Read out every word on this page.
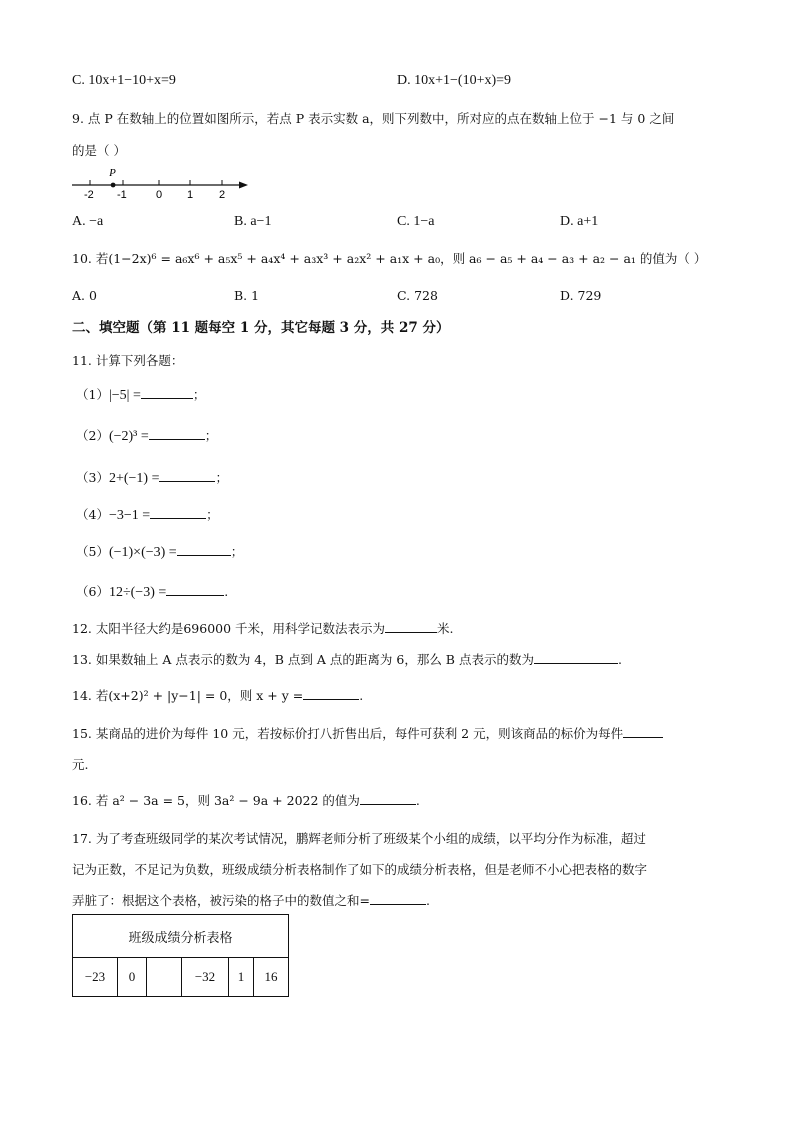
C. 10x+1−10+x=9	D. 10x+1−(10+x)=9
9. 点 P 在数轴上的位置如图所示，若点 P 表示实数 a，则下列数中，所对应的点在数轴上位于 −1 与 0 之间
的是（ ）
P
-2 -1	0 1 2
A. −a	B. a−1	C. 1−a	D. a+1
10. 若(1−2x)⁶ = a₆x⁶ + a₅x⁵ + a₄x⁴ + a₃x³ + a₂x² + a₁x + a₀，则 a₆ − a₅ + a₄ − a₃ + a₂ − a₁ 的值为（ ）
A. 0	B. 1	C. 728	D. 729
二、填空题（第 11 题每空 1 分，其它每题 3 分，共 27 分）
11. 计算下列各题：
（1）|−5| =	；
（2）(−2)³ =	；
（3）2+(−1) =	；
（4）−3−1 =	；
（5）(−1)×(−3) =	；
（6）12÷(−3) =	.
12. 太阳半径大约是696000 千米，用科学记数法表示为	米.
13. 如果数轴上 A 点表示的数为 4，B 点到 A 点的距离为 6，那么 B 点表示的数为	.
14. 若(x+2)² + |y−1| = 0，则 x + y =	.
15. 某商品的进价为每件 10 元，若按标价打八折售出后，每件可获利 2 元，则该商品的标价为每件
元.
16. 若 a² − 3a = 5，则 3a² − 9a + 2022 的值为	.
17. 为了考查班级同学的某次考试情况，鹏辉老师分析了班级某个小组的成绩，以平均分作为标准，超过
记为正数，不足记为负数，班级成绩分析表格制作了如下的成绩分析表格，但是老师不小心把表格的数字
弄脏了：根据这个表格，被污染的格子中的数值之和=	.
班级成绩分析表格
−23	0		−32	1	16
